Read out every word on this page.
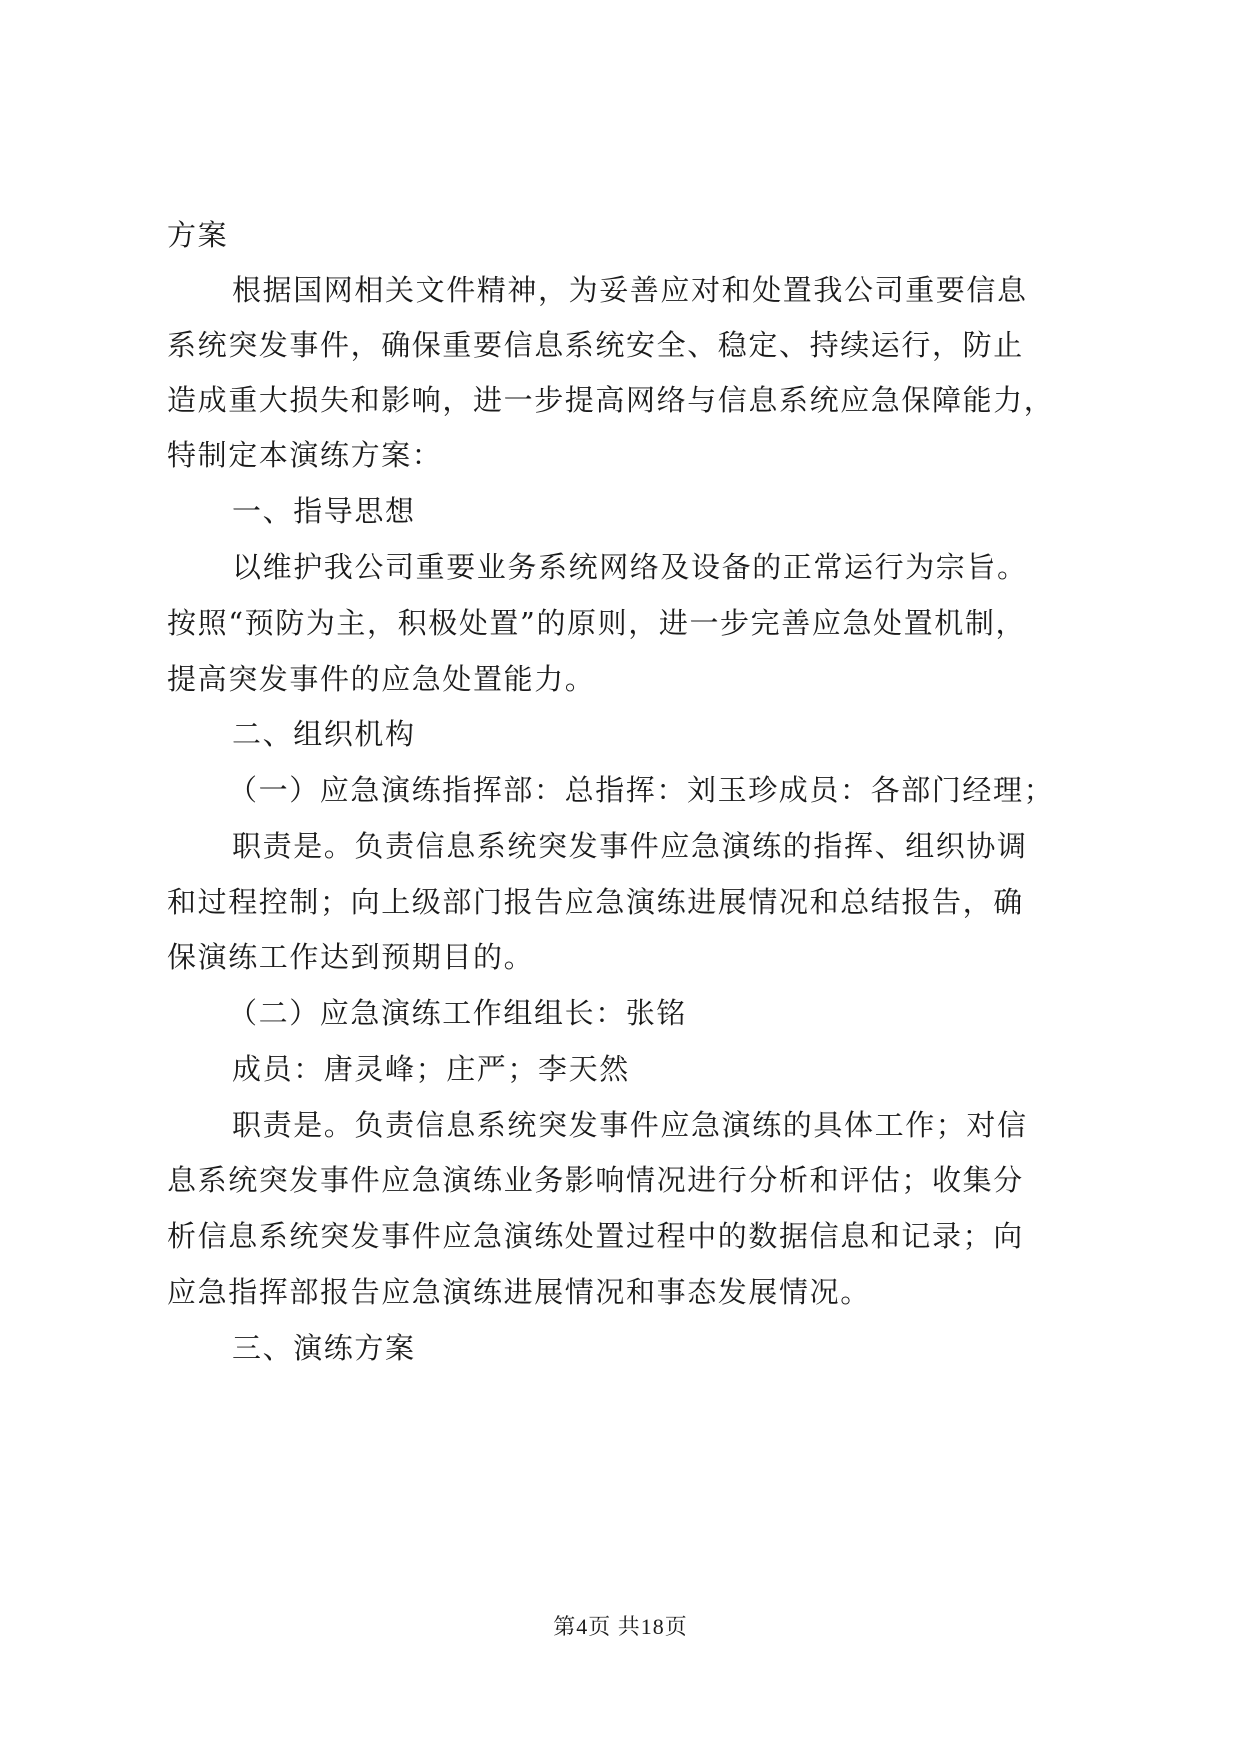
方案
根据国网相关文件精神，为妥善应对和处置我公司重要信息
系统突发事件，确保重要信息系统安全、稳定、持续运行，防止
造成重大损失和影响，进一步提高网络与信息系统应急保障能力，
特制定本演练方案：
一、指导思想
以维护我公司重要业务系统网络及设备的正常运行为宗旨。
按照“预防为主，积极处置”的原则，进一步完善应急处置机制，
提高突发事件的应急处置能力。
二、组织机构
（一）应急演练指挥部：总指挥：刘玉珍成员：各部门经理；
职责是。负责信息系统突发事件应急演练的指挥、组织协调
和过程控制；向上级部门报告应急演练进展情况和总结报告，确
保演练工作达到预期目的。
（二）应急演练工作组组长：张铭
成员：唐灵峰；庄严；李天然
职责是。负责信息系统突发事件应急演练的具体工作；对信
息系统突发事件应急演练业务影响情况进行分析和评估；收集分
析信息系统突发事件应急演练处置过程中的数据信息和记录；向
应急指挥部报告应急演练进展情况和事态发展情况。
三、演练方案
第4页 共18页
